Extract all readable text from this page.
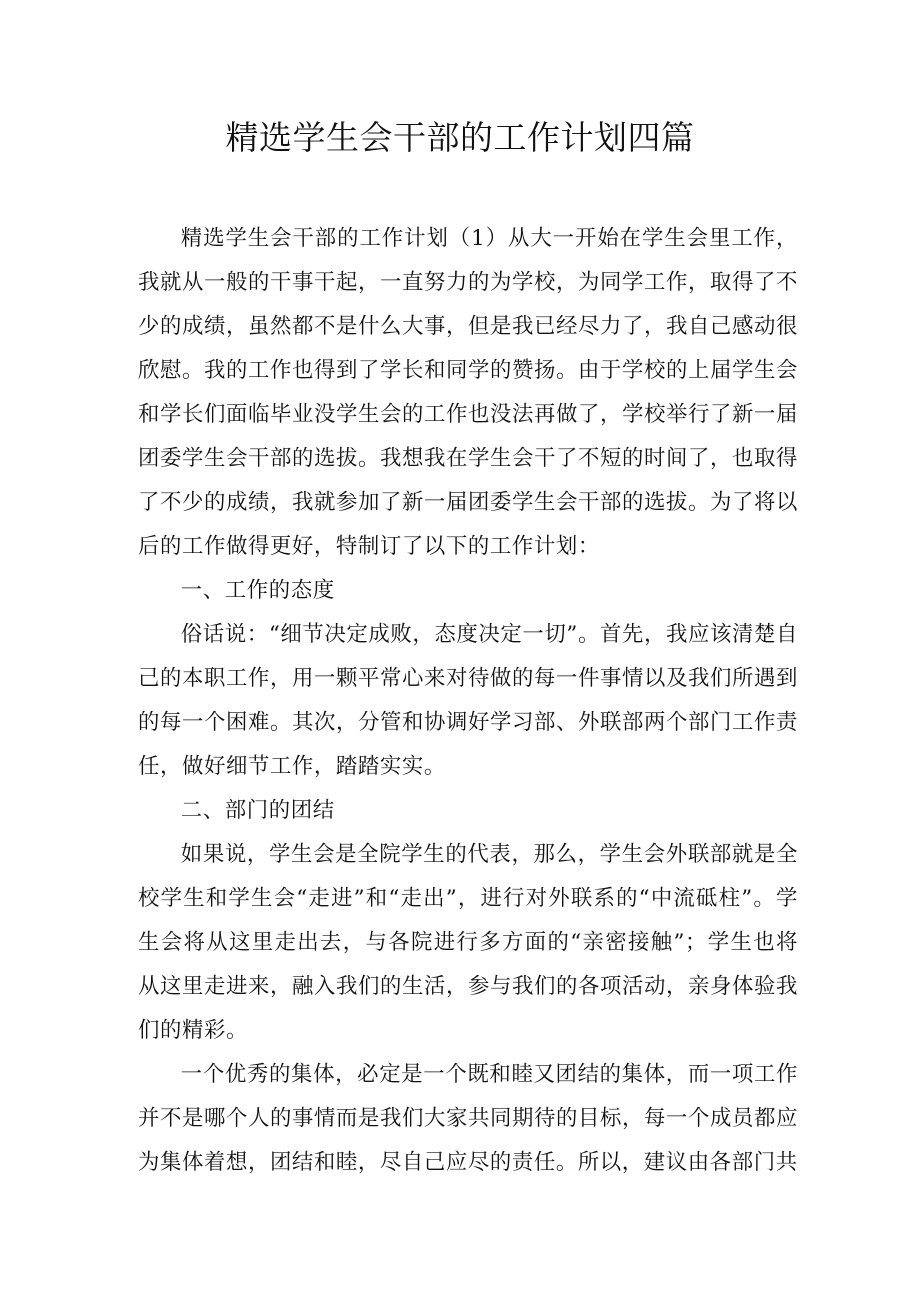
精选学生会干部的工作计划四篇

精选学生会干部的工作计划（1）从大一开始在学生会里工作，我就从一般的干事干起，一直努力的为学校，为同学工作，取得了不少的成绩，虽然都不是什么大事，但是我已经尽力了，我自己感动很欣慰。我的工作也得到了学长和同学的赞扬。由于学校的上届学生会和学长们面临毕业没学生会的工作也没法再做了，学校举行了新一届团委学生会干部的选拔。我想我在学生会干了不短的时间了，也取得了不少的成绩，我就参加了新一届团委学生会干部的选拔。为了将以后的工作做得更好，特制订了以下的工作计划：

一、工作的态度

俗话说：“细节决定成败，态度决定一切”。首先，我应该清楚自己的本职工作，用一颗平常心来对待做的每一件事情以及我们所遇到的每一个困难。其次，分管和协调好学习部、外联部两个部门工作责任，做好细节工作，踏踏实实。

二、部门的团结

如果说，学生会是全院学生的代表，那么，学生会外联部就是全校学生和学生会“走进”和“走出”，进行对外联系的“中流砥柱”。学生会将从这里走出去，与各院进行多方面的“亲密接触”；学生也将从这里走进来，融入我们的生活，参与我们的各项活动，亲身体验我们的精彩。

一个优秀的集体，必定是一个既和睦又团结的集体，而一项工作并不是哪个人的事情而是我们大家共同期待的目标，每一个成员都应为集体着想，团结和睦，尽自己应尽的责任。所以，建议由各部门共
